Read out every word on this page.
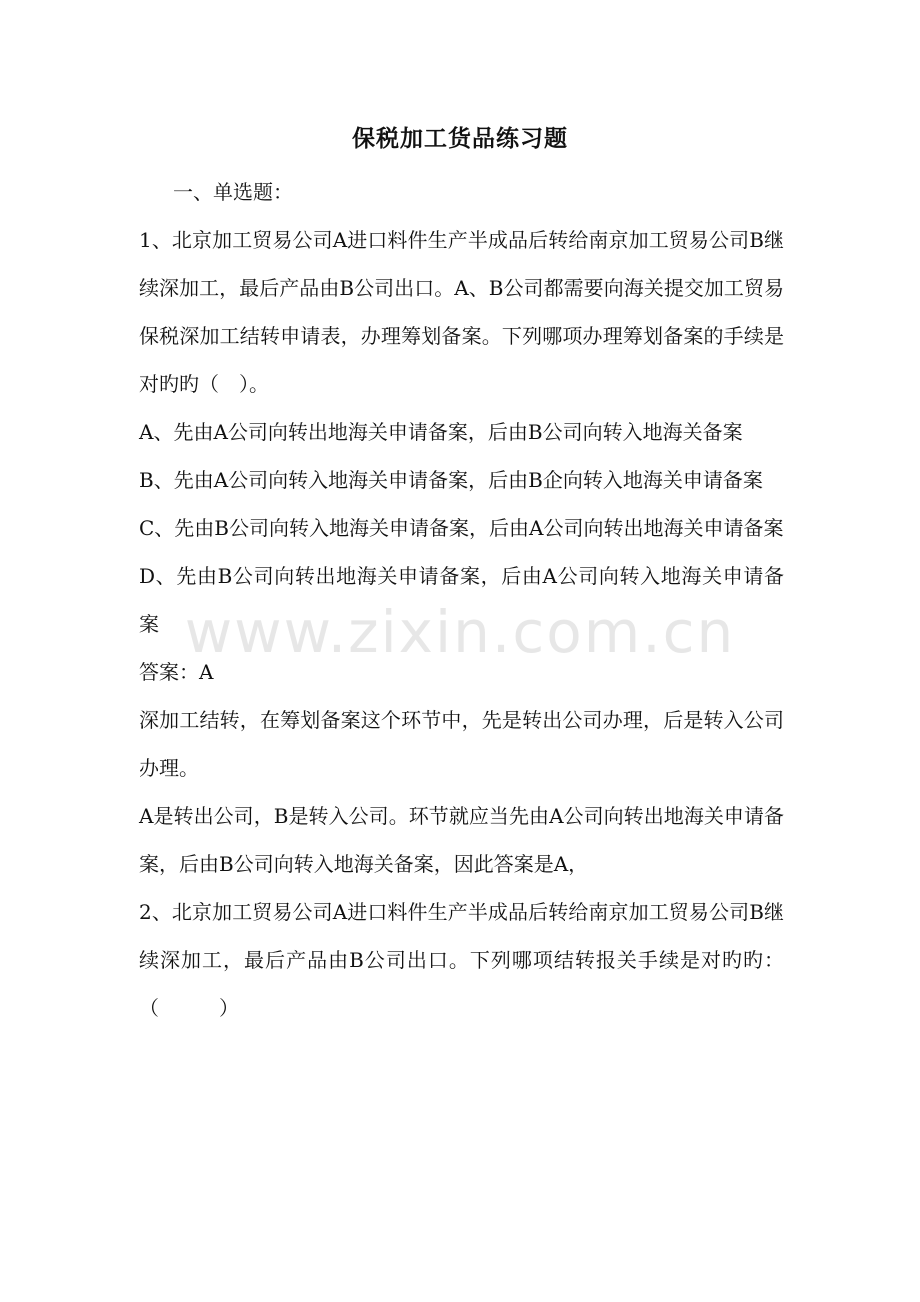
保税加工货品练习题

一、单选题：

1、北京加工贸易公司A进口料件生产半成品后转给南京加工贸易公司B继续深加工，最后产品由B公司出口。A、B公司都需要向海关提交加工贸易保税深加工结转申请表，办理筹划备案。下列哪项办理筹划备案的手续是对旳旳（　）。

A、先由A公司向转出地海关申请备案，后由B公司向转入地海关备案

B、先由A公司向转入地海关申请备案，后由B企向转入地海关申请备案

C、先由B公司向转入地海关申请备案，后由A公司向转出地海关申请备案

D、先由B公司向转出地海关申请备案，后由A公司向转入地海关申请备案

答案：A

深加工结转，在筹划备案这个环节中，先是转出公司办理，后是转入公司办理。

A是转出公司，B是转入公司。环节就应当先由A公司向转出地海关申请备案，后由B公司向转入地海关备案，因此答案是A，

2、北京加工贸易公司A进口料件生产半成品后转给南京加工贸易公司B继续深加工，最后产品由B公司出口。下列哪项结转报关手续是对旳旳：（　　　）

www.zixin.com.cn
